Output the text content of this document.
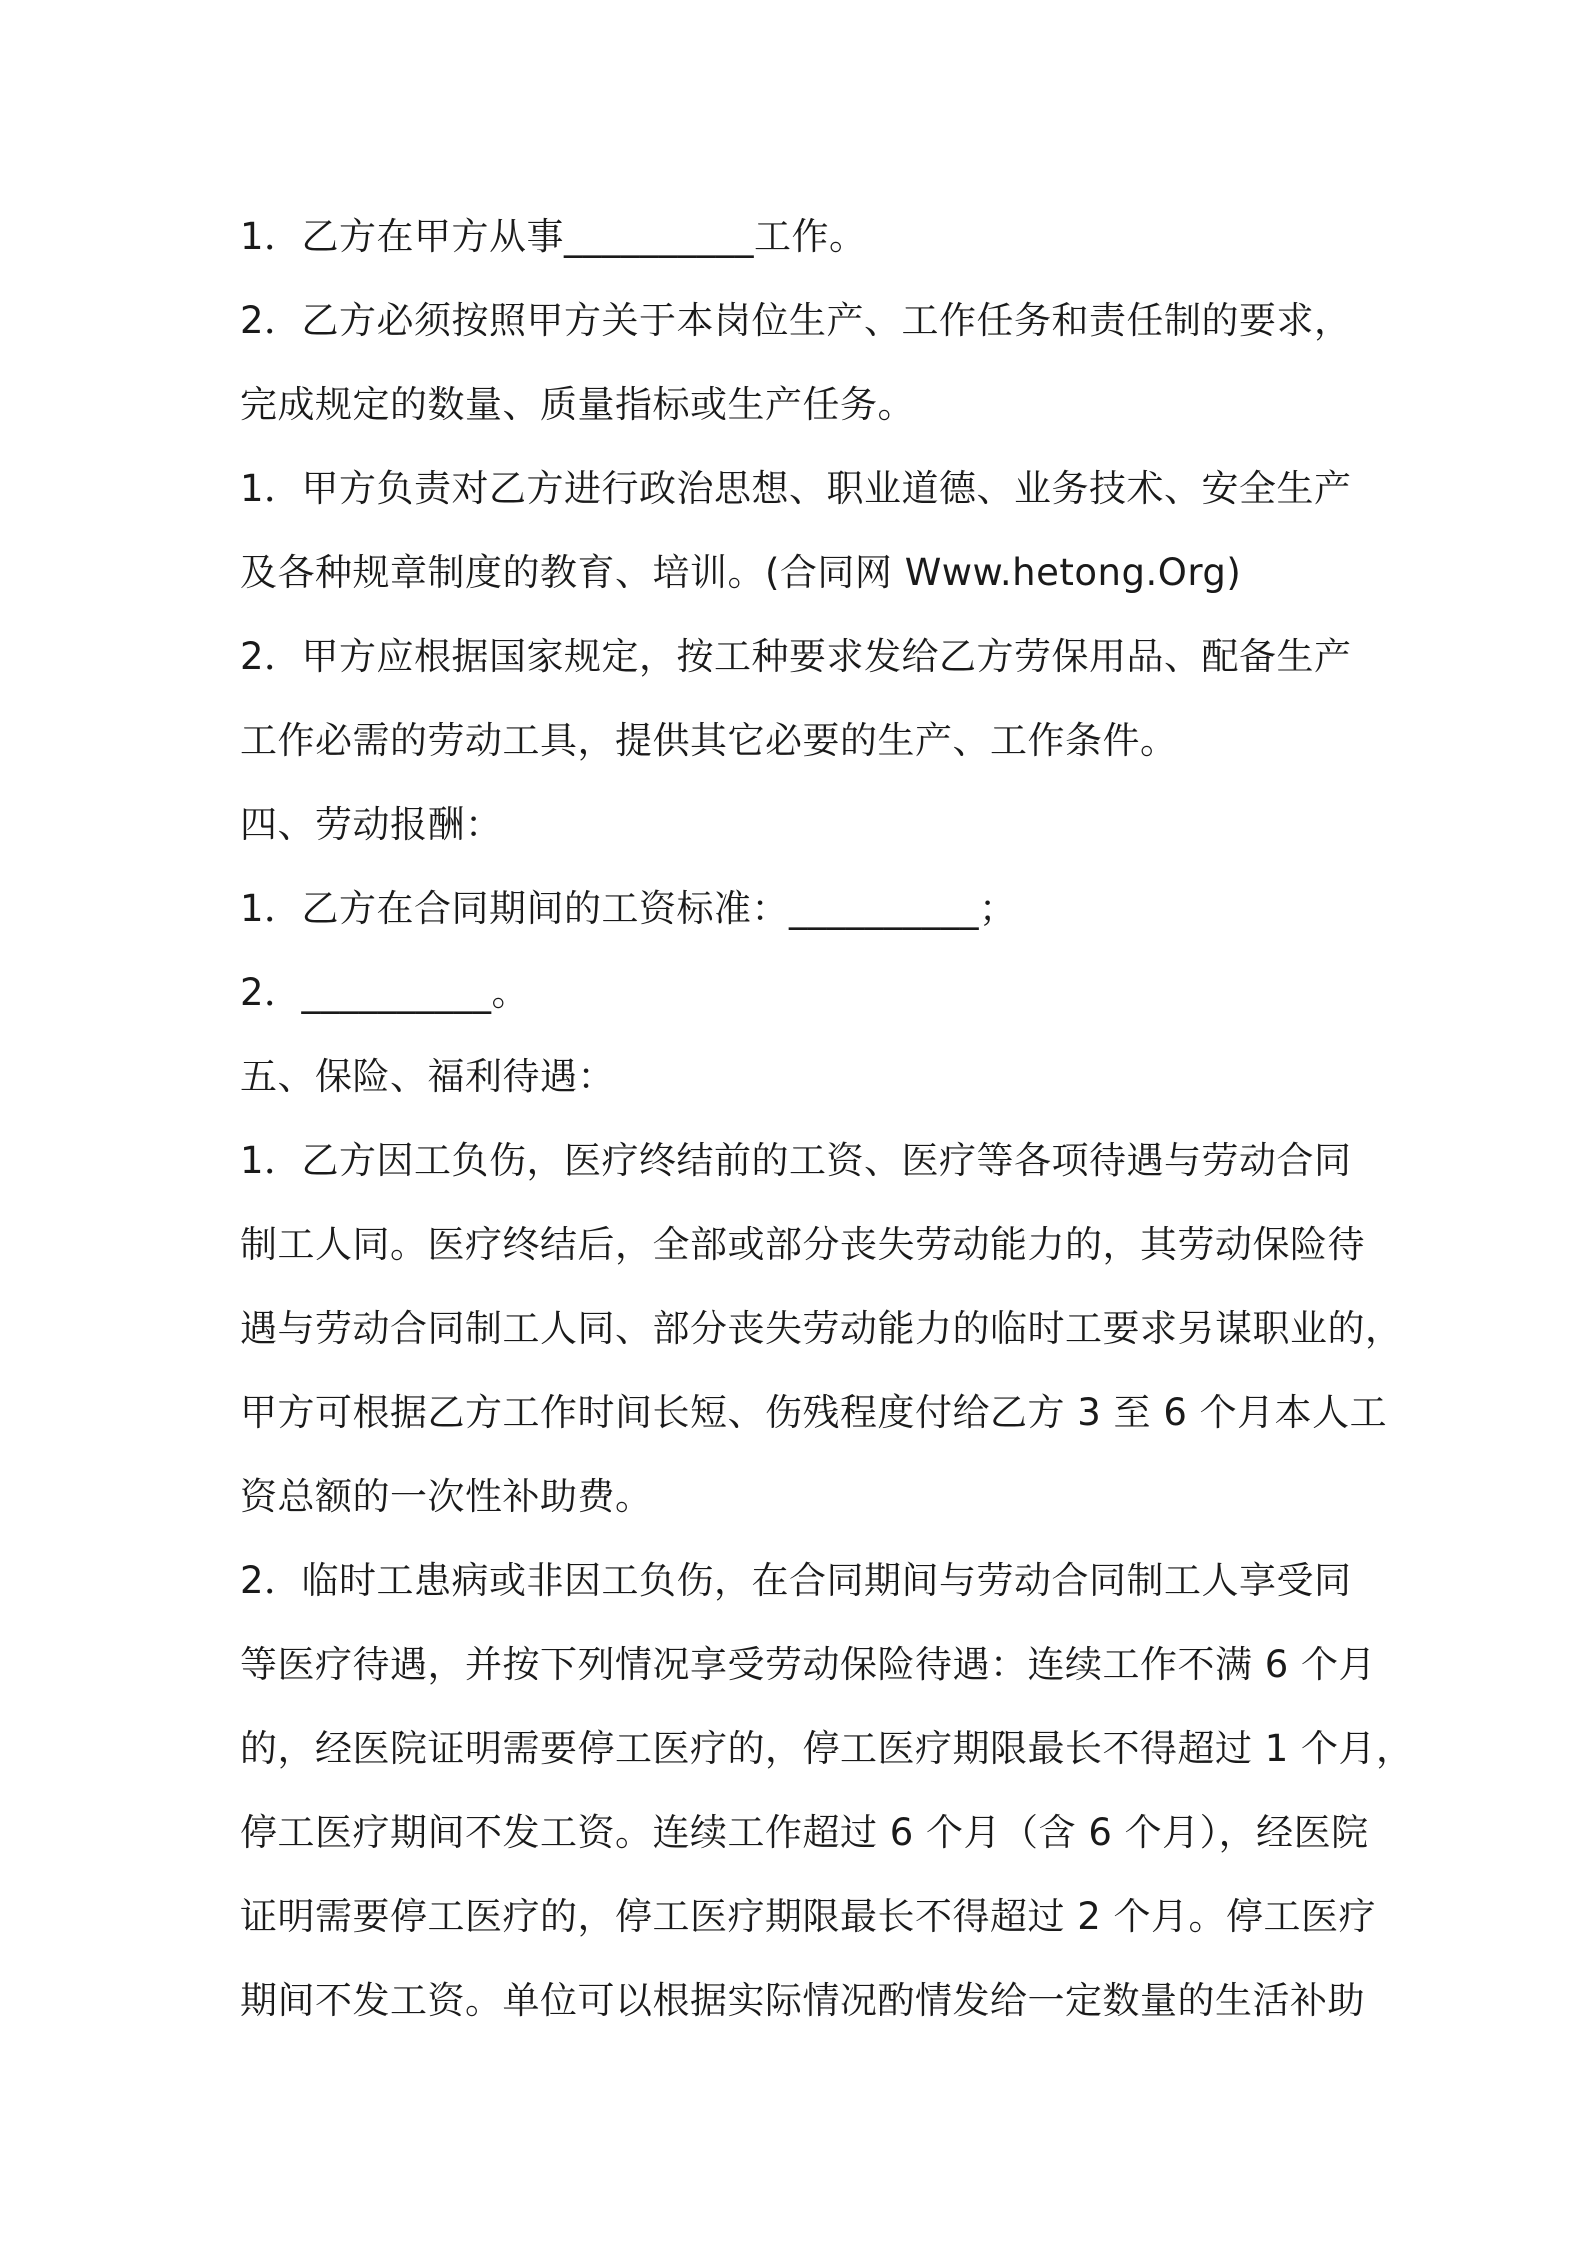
1．乙方在甲方从事__________工作。
2．乙方必须按照甲方关于本岗位生产、工作任务和责任制的要求，
完成规定的数量、质量指标或生产任务。
1．甲方负责对乙方进行政治思想、职业道德、业务技术、安全生产
及各种规章制度的教育、培训。(合同网 Www.hetong.Org)
2．甲方应根据国家规定，按工种要求发给乙方劳保用品、配备生产
工作必需的劳动工具，提供其它必要的生产、工作条件。
四、劳动报酬：
1．乙方在合同期间的工资标准：__________；
2．__________。
五、保险、福利待遇：
1．乙方因工负伤，医疗终结前的工资、医疗等各项待遇与劳动合同
制工人同。医疗终结后，全部或部分丧失劳动能力的，其劳动保险待
遇与劳动合同制工人同、部分丧失劳动能力的临时工要求另谋职业的，
甲方可根据乙方工作时间长短、伤残程度付给乙方 3 至 6 个月本人工
资总额的一次性补助费。
2．临时工患病或非因工负伤，在合同期间与劳动合同制工人享受同
等医疗待遇，并按下列情况享受劳动保险待遇：连续工作不满 6 个月
的，经医院证明需要停工医疗的，停工医疗期限最长不得超过 1 个月，
停工医疗期间不发工资。连续工作超过 6 个月（含 6 个月），经医院
证明需要停工医疗的，停工医疗期限最长不得超过 2 个月。停工医疗
期间不发工资。单位可以根据实际情况酌情发给一定数量的生活补助
